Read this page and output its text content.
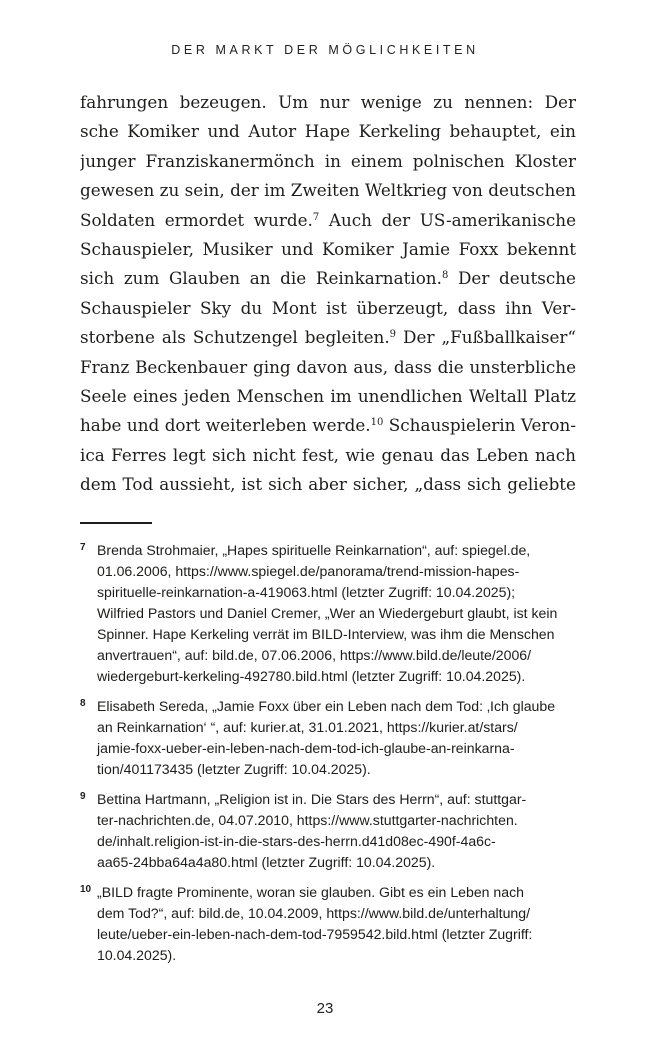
DER MARKT DER MÖGLICHKEITEN
fahrungen bezeugen. Um nur wenige zu nennen: Der
sche Komiker und Autor Hape Kerkeling behauptet, ein
junger Franziskanermönch in einem polnischen Kloster
gewesen zu sein, der im Zweiten Weltkrieg von deutschen
Soldaten ermordet wurde.$^7$ Auch der US-amerikanische
Schauspieler, Musiker und Komiker Jamie Foxx bekennt
sich zum Glauben an die Reinkarnation.$^8$ Der deutsche
Schauspieler Sky du Mont ist überzeugt, dass ihn Ver-
storbene als Schutzengel begleiten.$^9$ Der „Fußballkaiser“
Franz Beckenbauer ging davon aus, dass die unsterbliche
Seele eines jeden Menschen im unendlichen Weltall Platz
habe und dort weiterleben werde.$^{10}$ Schauspielerin Veron-
ica Ferres legt sich nicht fest, wie genau das Leben nach
dem Tod aussieht, ist sich aber sicher, „dass sich geliebte
7 Brenda Strohmaier, „Hapes spirituelle Reinkarnation“, auf: spiegel.de,
01.06.2006, https://www.spiegel.de/panorama/trend-mission-hapes-
spirituelle-reinkarnation-a-419063.html (letzter Zugriff: 10.04.2025);
Wilfried Pastors und Daniel Cremer, „Wer an Wiedergeburt glaubt, ist kein
Spinner. Hape Kerkeling verrät im BILD-Interview, was ihm die Menschen
anvertrauen“, auf: bild.de, 07.06.2006, https://www.bild.de/leute/2006/
wiedergeburt-kerkeling-492780.bild.html (letzter Zugriff: 10.04.2025).
8 Elisabeth Sereda, „Jamie Foxx über ein Leben nach dem Tod: ‚Ich glaube
an Reinkarnation‘ “, auf: kurier.at, 31.01.2021, https://kurier.at/stars/
jamie-foxx-ueber-ein-leben-nach-dem-tod-ich-glaube-an-reinkarna-
tion/401173435 (letzter Zugriff: 10.04.2025).
9 Bettina Hartmann, „Religion ist in. Die Stars des Herrn“, auf: stuttgar-
ter-nachrichten.de, 04.07.2010, https://www.stuttgarter-nachrichten.
de/inhalt.religion-ist-in-die-stars-des-herrn.d41d08ec-490f-4a6c-
aa65-24bba64a4a80.html (letzter Zugriff: 10.04.2025).
10 „BILD fragte Prominente, woran sie glauben. Gibt es ein Leben nach
dem Tod?“, auf: bild.de, 10.04.2009, https://www.bild.de/unterhaltung/
leute/ueber-ein-leben-nach-dem-tod-7959542.bild.html (letzter Zugriff:
10.04.2025).
23
